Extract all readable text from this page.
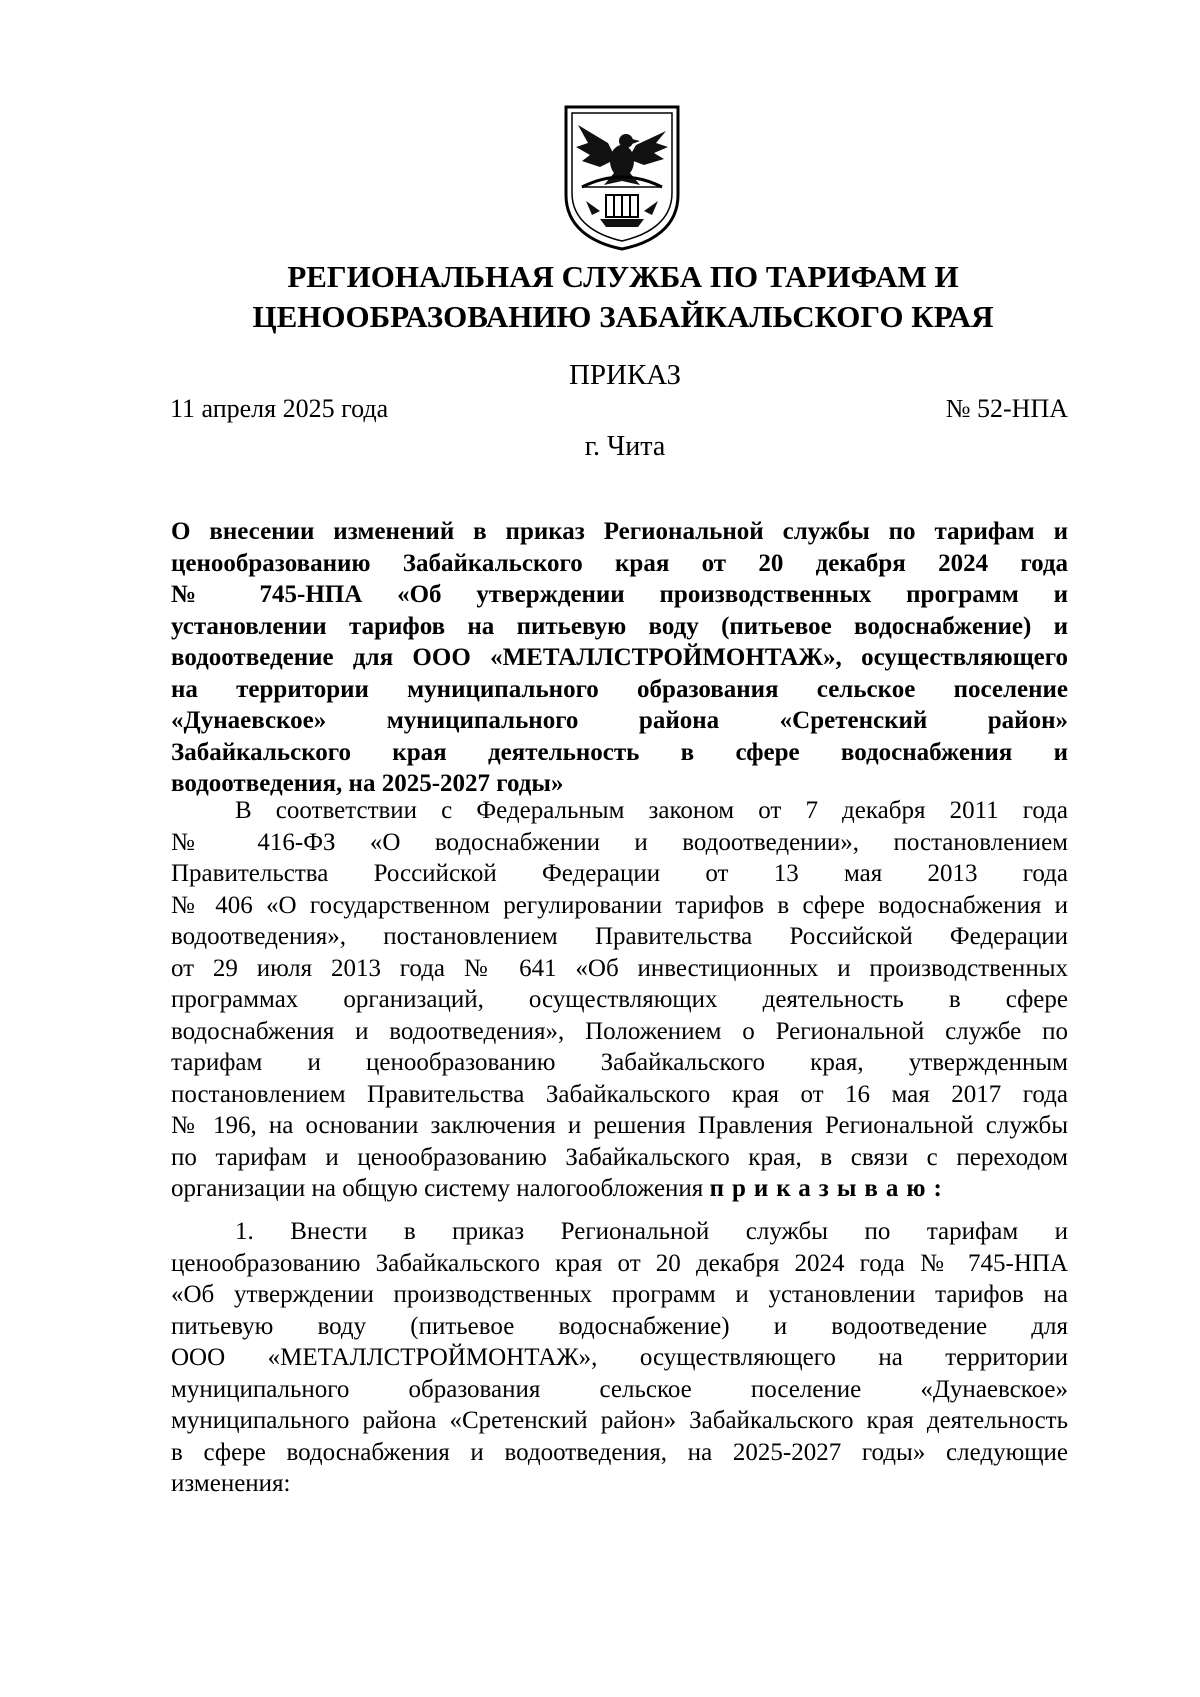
РЕГИОНАЛЬНАЯ СЛУЖБА ПО ТАРИФАМ И
ЦЕНООБРАЗОВАНИЮ ЗАБАЙКАЛЬСКОГО КРАЯ
ПРИКАЗ
11 апреля 2025 года	№ 52-НПА
г. Чита
О внесении изменений в приказ Региональной службы по тарифам и
ценообразованию Забайкальского края от 20 декабря 2024 года
№ 745-НПА «Об утверждении производственных программ и
установлении тарифов на питьевую воду (питьевое водоснабжение) и
водоотведение для ООО «МЕТАЛЛСТРОЙМОНТАЖ», осуществляющего
на территории муниципального образования сельское поселение
«Дунаевское» муниципального района «Сретенский район»
Забайкальского края деятельность в сфере водоснабжения и
водоотведения, на 2025-2027 годы»
В соответствии с Федеральным законом от 7 декабря 2011 года
№ 416-ФЗ «О водоснабжении и водоотведении», постановлением
Правительства Российской Федерации от 13 мая 2013 года
№ 406 «О государственном регулировании тарифов в сфере водоснабжения и
водоотведения», постановлением Правительства Российской Федерации
от 29 июля 2013 года № 641 «Об инвестиционных и производственных
программах организаций, осуществляющих деятельность в сфере
водоснабжения и водоотведения», Положением о Региональной службе по
тарифам и ценообразованию Забайкальского края, утвержденным
постановлением Правительства Забайкальского края от 16 мая 2017 года
№ 196, на основании заключения и решения Правления Региональной службы
по тарифам и ценообразованию Забайкальского края, в связи с переходом
организации на общую систему налогообложения приказываю:
1. Внести в приказ Региональной службы по тарифам и
ценообразованию Забайкальского края от 20 декабря 2024 года № 745-НПА
«Об утверждении производственных программ и установлении тарифов на
питьевую воду (питьевое водоснабжение) и водоотведение для
ООО «МЕТАЛЛСТРОЙМОНТАЖ», осуществляющего на территории
муниципального образования сельское поселение «Дунаевское»
муниципального района «Сретенский район» Забайкальского края деятельность
в сфере водоснабжения и водоотведения, на 2025-2027 годы» следующие
изменения:
